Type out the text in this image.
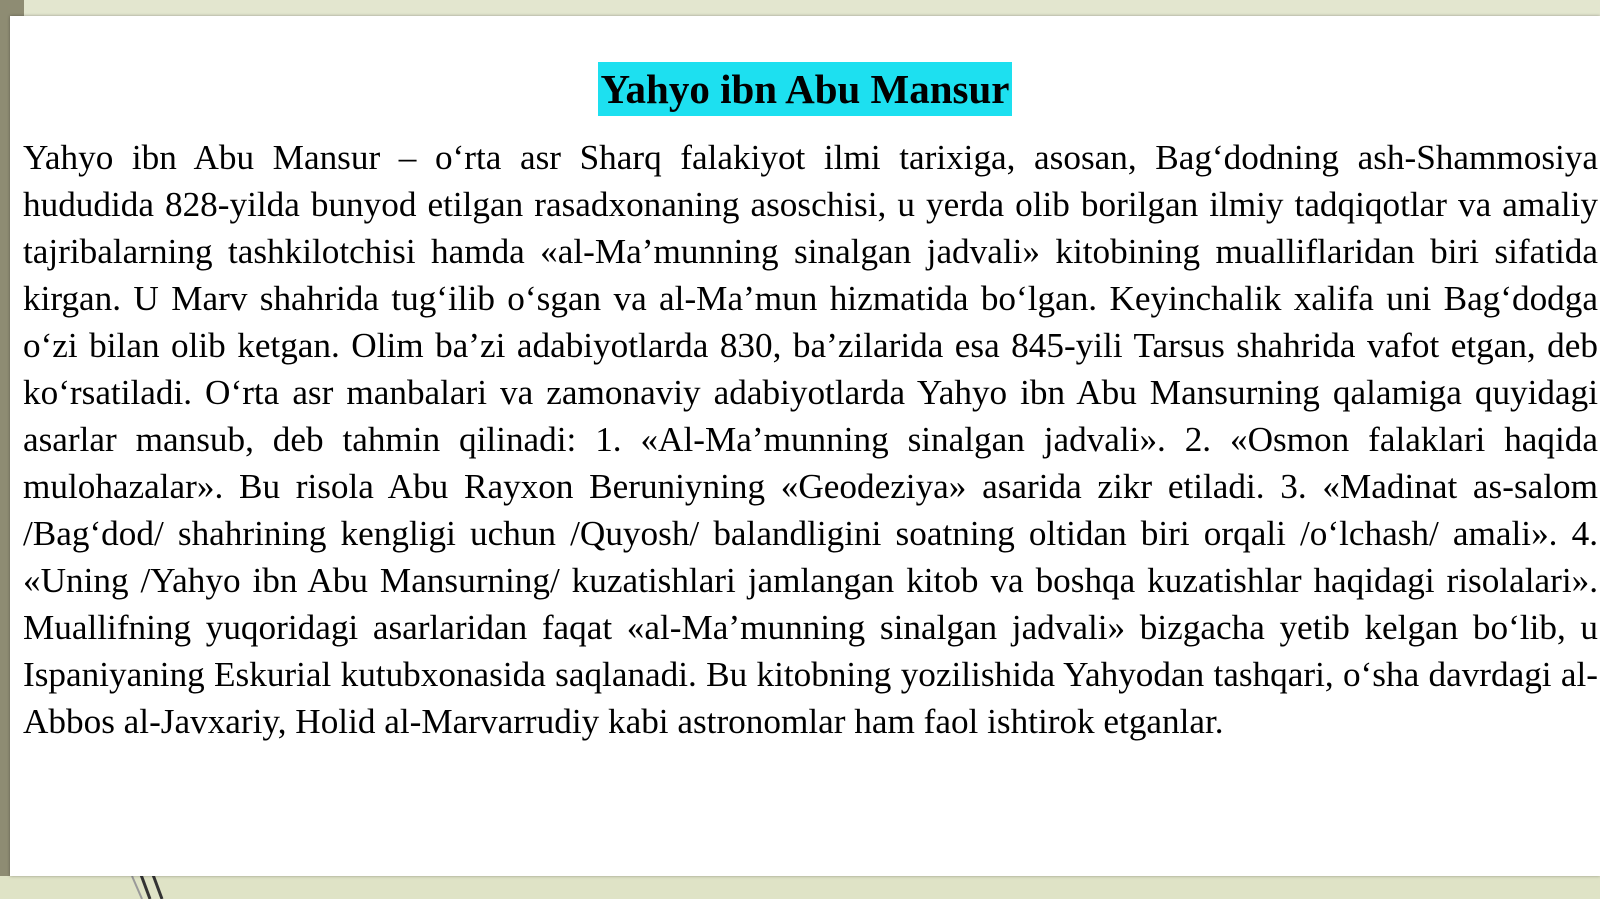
Yahyo ibn Abu Mansur

Yahyo ibn Abu Mansur – o‘rta asr Sharq falakiyot ilmi tarixiga, asosan, Bag‘dodning ash-Shammosiya hududida 828-yilda bunyod etilgan rasadxonaning asoschisi, u yerda olib borilgan ilmiy tadqiqotlar va amaliy tajribalarning tashkilotchisi hamda «al-Ma’munning sinalgan jadvali» kitobining mualliflaridan biri sifatida kirgan. U Marv shahrida tug‘ilib o‘sgan va al-Ma’mun hizmatida bo‘lgan. Keyinchalik xalifa uni Bag‘dodga o‘zi bilan olib ketgan. Olim ba’zi adabiyotlarda 830, ba’zilarida esa 845-yili Tarsus shahrida vafot etgan, deb ko‘rsatiladi. O‘rta asr manbalari va zamonaviy adabiyotlarda Yahyo ibn Abu Mansurning qalamiga quyidagi asarlar mansub, deb tahmin qilinadi: 1. «Al-Ma’munning sinalgan jadvali». 2. «Osmon falaklari haqida mulohazalar». Bu risola Abu Rayxon Beruniyning «Geodeziya» asarida zikr etiladi. 3. «Madinat as-salom /Bag‘dod/ shahrining kengligi uchun /Quyosh/ balandligini soatning oltidan biri orqali /o‘lchash/ amali». 4. «Uning /Yahyo ibn Abu Mansurning/ kuzatishlari jamlangan kitob va boshqa kuzatishlar haqidagi risolalari». Muallifning yuqoridagi asarlaridan faqat «al-Ma’munning sinalgan jadvali» bizgacha yetib kelgan bo‘lib, u Ispaniyaning Eskurial kutubxonasida saqlanadi. Bu kitobning yozilishida Yahyodan tashqari, o‘sha davrdagi al-Abbos al-Javxariy, Holid al-Marvarrudiy kabi astronomlar ham faol ishtirok etganlar.
